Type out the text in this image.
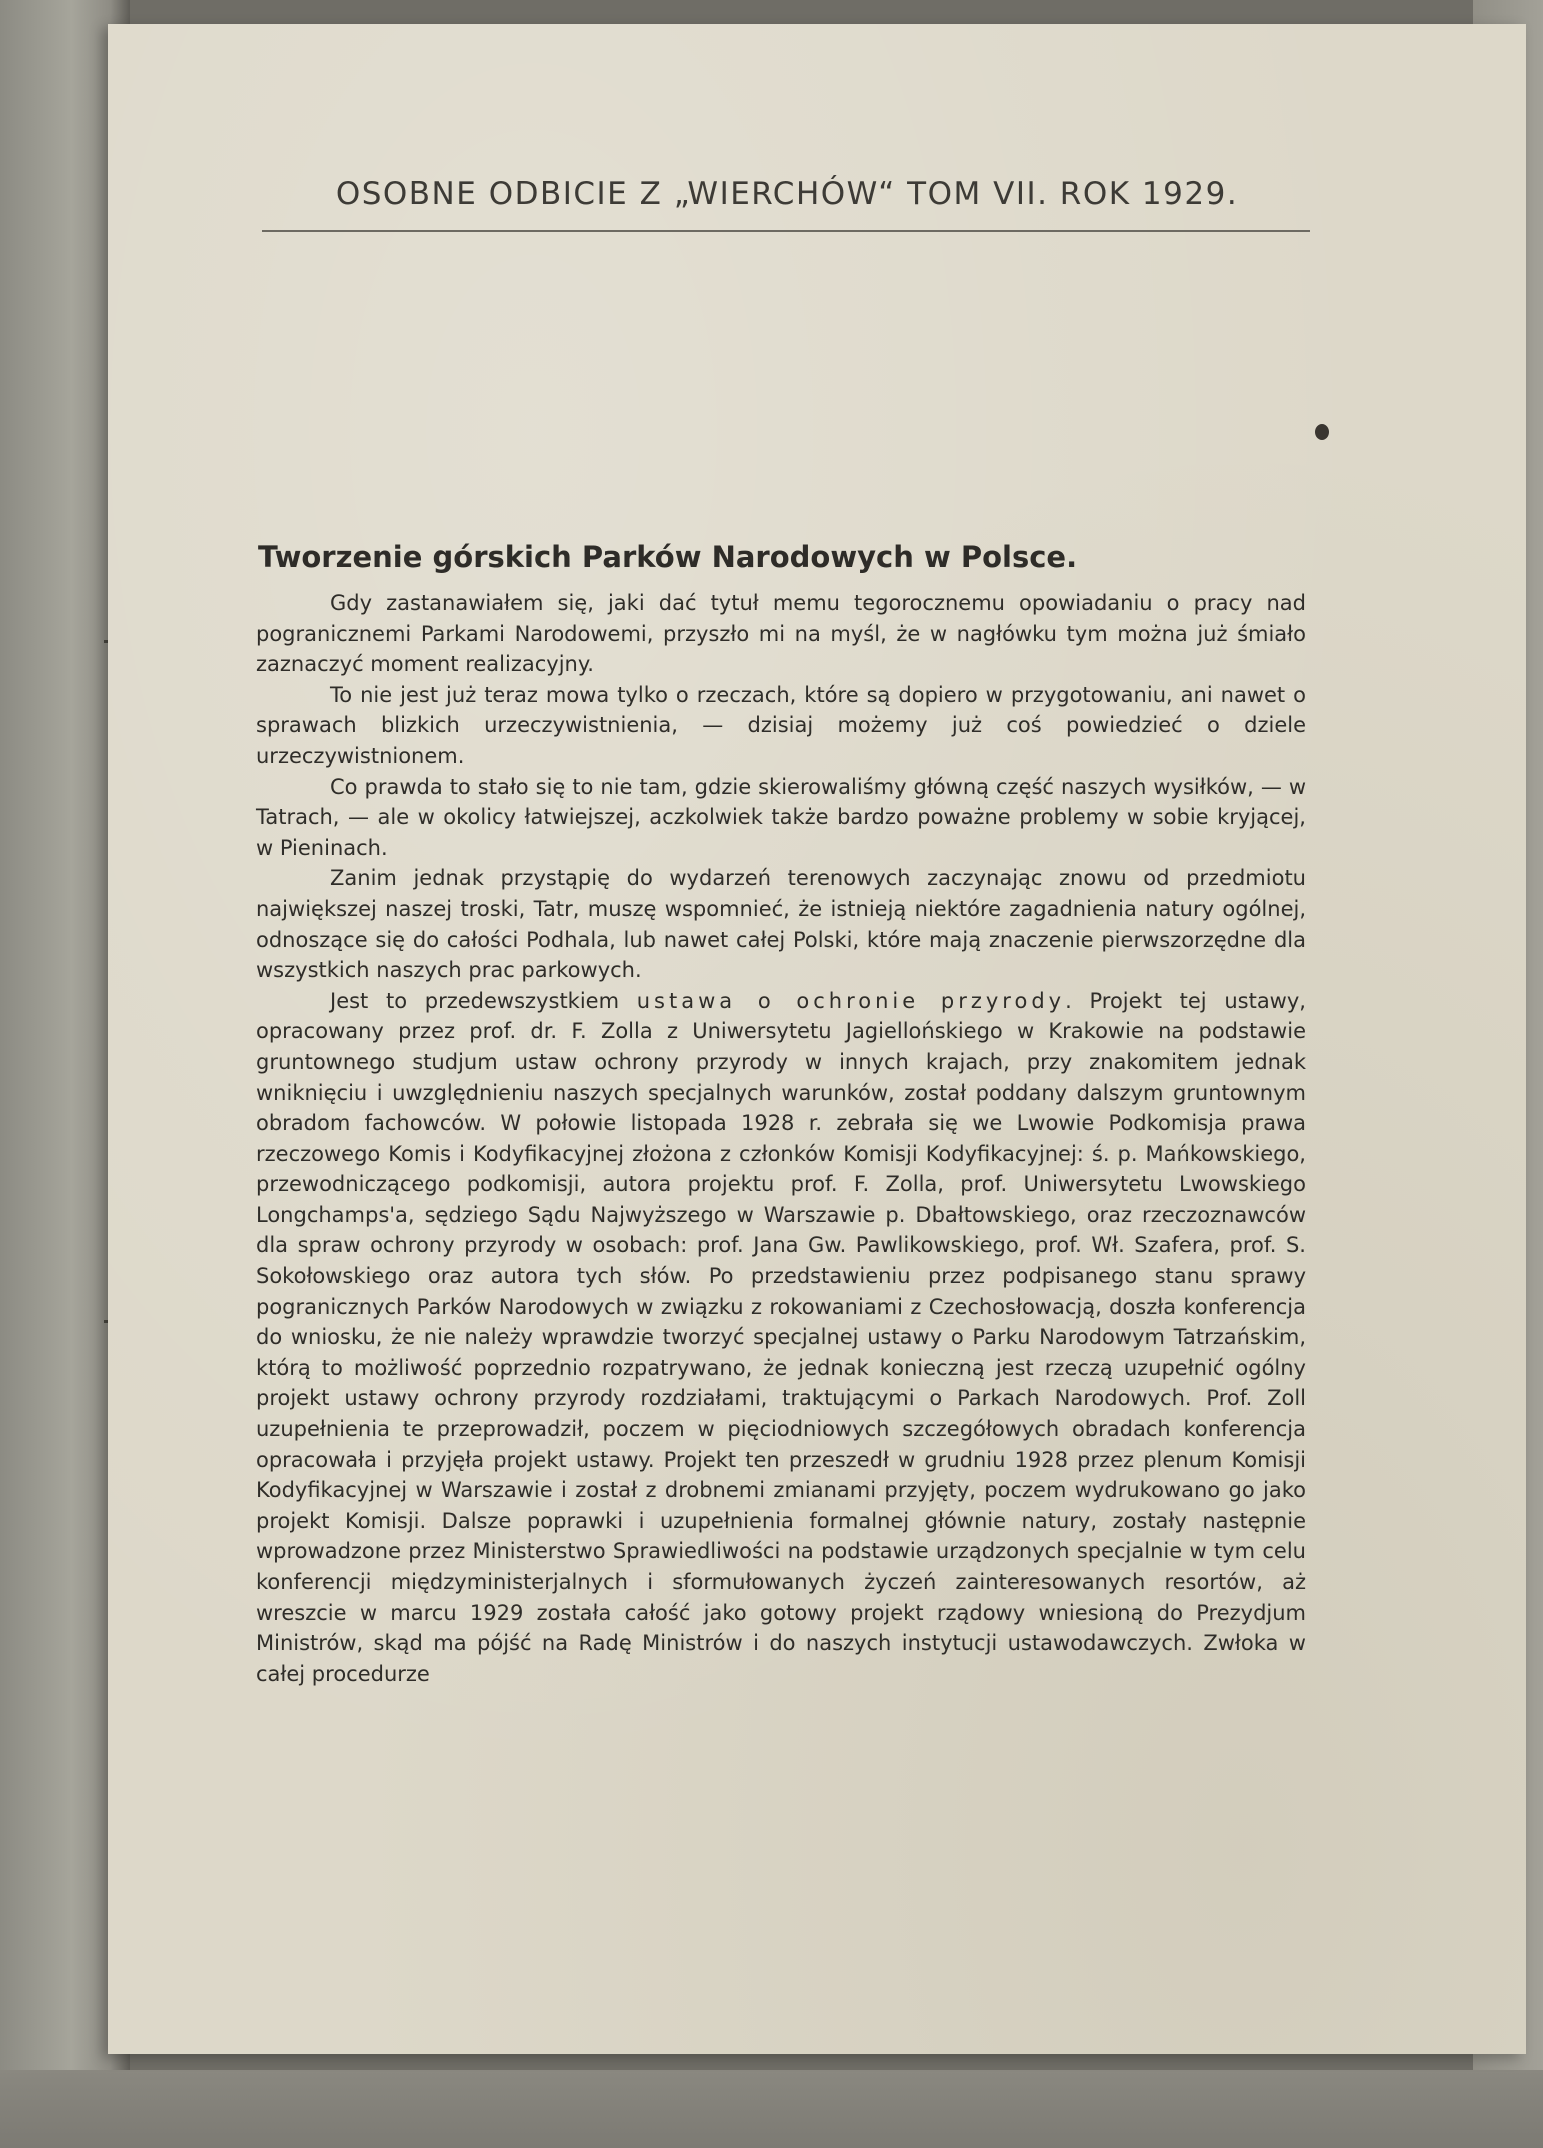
OSOBNE ODBICIE Z „WIERCHÓW“ TOM VII. ROK 1929.
Tworzenie górskich Parków Narodowych w Polsce.

Gdy zastanawiałem się, jaki dać tytuł memu tegorocznemu opowiadaniu o pracy nad pogranicznemi Parkami Narodowemi, przyszło mi na myśl, że w nagłówku tym można już śmiało zaznaczyć moment realizacyjny.

To nie jest już teraz mowa tylko o rzeczach, które są dopiero w przygotowaniu, ani nawet o sprawach blizkich urzeczywistnienia, — dzisiaj możemy już coś powiedzieć o dziele urzeczywistnionem.

Co prawda to stało się to nie tam, gdzie skierowaliśmy główną część naszych wysiłków, — w Tatrach, — ale w okolicy łatwiejszej, aczkolwiek także bardzo poważne problemy w sobie kryjącej, w Pieninach.

Zanim jednak przystąpię do wydarzeń terenowych zaczynając znowu od przedmiotu największej naszej troski, Tatr, muszę wspomnieć, że istnieją niektóre zagadnienia natury ogólnej, odnoszące się do całości Podhala, lub nawet całej Polski, które mają znaczenie pierwszorzędne dla wszystkich naszych prac parkowych.

Jest to przedewszystkiem ustawa o ochronie przyrody. Projekt tej ustawy, opracowany przez prof. dr. F. Zolla z Uniwersytetu Jagiellońskiego w Krakowie na podstawie gruntownego studjum ustaw ochrony przyrody w innych krajach, przy znakomitem jednak wniknięciu i uwzględnieniu naszych specjalnych warunków, został poddany dalszym gruntownym obradom fachowców. W połowie listopada 1928 r. zebrała się we Lwowie Podkomisja prawa rzeczowego Komis i Kodyfikacyjnej złożona z członków Komisji Kodyfikacyjnej: ś. p. Mańkowskiego, przewodniczącego podkomisji, autora projektu prof. F. Zolla, prof. Uniwersytetu Lwowskiego Longchamps'a, sędziego Sądu Najwyższego w Warszawie p. Dbałtowskiego, oraz rzeczoznawców dla spraw ochrony przyrody w osobach: prof. Jana Gw. Pawlikowskiego, prof. Wł. Szafera, prof. S. Sokołowskiego oraz autora tych słów. Po przedstawieniu przez podpisanego stanu sprawy pogranicznych Parków Narodowych w związku z rokowaniami z Czechosłowacją, doszła konferencja do wniosku, że nie należy wprawdzie tworzyć specjalnej ustawy o Parku Narodowym Tatrzańskim, którą to możliwość poprzednio rozpatrywano, że jednak konieczną jest rzeczą uzupełnić ogólny projekt ustawy ochrony przyrody rozdziałami, traktującymi o Parkach Narodowych. Prof. Zoll uzupełnienia te przeprowadził, poczem w pięciodniowych szczegółowych obradach konferencja opracowała i przyjęła projekt ustawy. Projekt ten przeszedł w grudniu 1928 przez plenum Komisji Kodyfikacyjnej w Warszawie i został z drobnemi zmianami przyjęty, poczem wydrukowano go jako projekt Komisji. Dalsze poprawki i uzupełnienia formalnej głównie natury, zostały następnie wprowadzone przez Ministerstwo Sprawiedliwości na podstawie urządzonych specjalnie w tym celu konferencji międzyministerjalnych i sformułowanych życzeń zainteresowanych resortów, aż wreszcie w marcu 1929 została całość jako gotowy projekt rządowy wniesioną do Prezydjum Ministrów, skąd ma pójść na Radę Ministrów i do naszych instytucji ustawodawczych. Zwłoka w całej procedurze
